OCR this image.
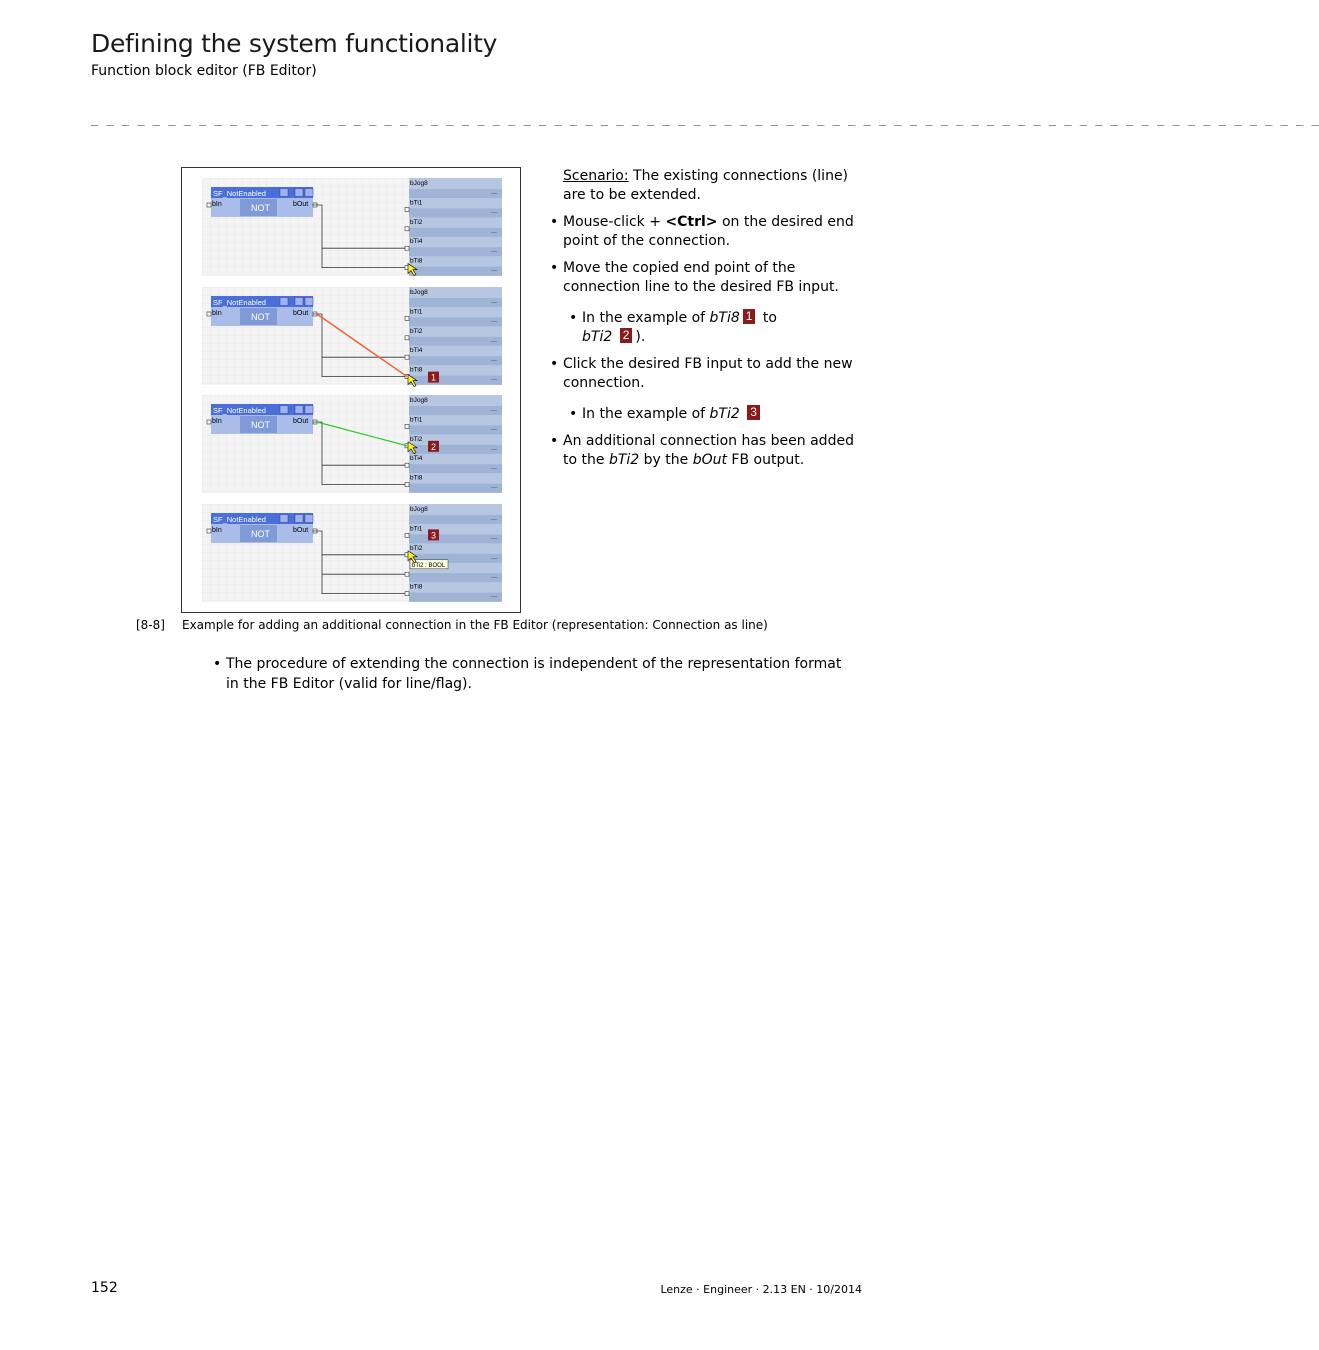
Defining the system functionality
Function block editor (FB Editor)
_ _ _ _ _ _ _ _ _ _ _ _ _ _ _ _ _ _ _ _ _ _ _ _ _ _ _ _ _ _ _ _ _ _ _ _ _ _ _ _ _ _ _ _ _ _ _ _ _ _ _ _ _ _ _ _ _ _ _ _ _ _ _ _ _ _ _ _ _ _ _ _ _ _ _ _ _ _ _ _
SF_NotEnabled
NOT
bIn	bOut
—
bJog8
—
bTi1
—
bTi2
—
bTi4
—
bTi8
SF_NotEnabled
NOT
bIn	bOut
—
bJog8
—
bTi1
—
bTi2
—
bTi4
—
bTi8
1
SF_NotEnabled
NOT
bIn	bOut
—
bJog8
—
bTi1
—
bTi2
—
bTi4
—
bTi8
2
SF_NotEnabled
NOT
bIn	bOut
—
bJog8
—
bTi1
—
bTi2
—
—
bTi8
bTi2 : BOOL
3
[8-8] Example for adding an additional connection in the FB Editor (representation: Connection as line)

Scenario: The existing connections (line) are to be extended.

• Mouse-click + <Ctrl> on the desired end point of the connection.
• Move the copied end point of the connection line to the desired FB input.
• In the example of bTi8 1 to
bTi2 2 ).
• Click the desired FB input to add the new connection.
• In the example of bTi2 3
• An additional connection has been added to the bTi2 by the bOut FB output.
• The procedure of extending the connection is independent of the representation format in the FB Editor (valid for line/flag).
152	Lenze · Engineer · 2.13 EN · 10/2014
